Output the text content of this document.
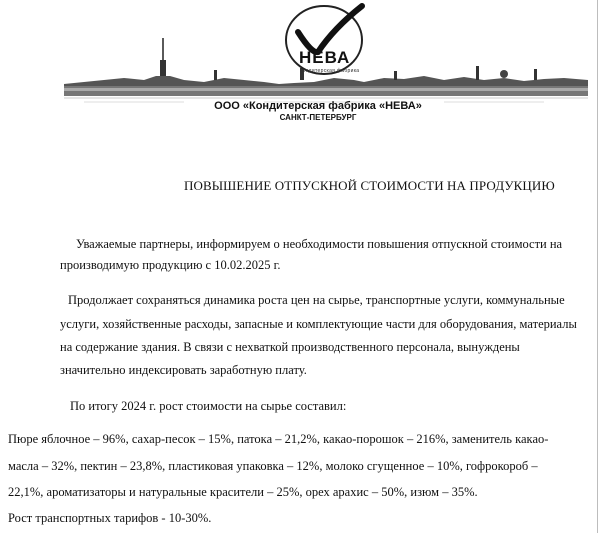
НЕВА
кондитерская фабрика
ООО «Кондитерская фабрика «НЕВА»
САНКТ-ПЕТЕРБУРГ
ПОВЫШЕНИЕ ОТПУСКНОЙ СТОИМОСТИ НА ПРОДУКЦИЮ
Уважаемые партнеры, информируем о необходимости повышения отпускной стоимости на
производимую продукцию с 10.02.2025 г.
Продолжает сохраняться динамика роста цен на сырье, транспортные услуги, коммунальные
услуги, хозяйственные расходы, запасные и комплектующие части для оборудования, материалы
на содержание здания. В связи с нехваткой производственного персонала, вынуждены
значительно индексировать заработную плату.
По итогу 2024 г. рост стоимости на сырье составил:
Пюре яблочное – 96%, сахар-песок – 15%, патока – 21,2%, какао-порошок – 216%, заменитель какао-
масла – 32%, пектин – 23,8%, пластиковая упаковка – 12%, молоко сгущенное – 10%, гофрокороб –
22,1%, ароматизаторы и натуральные красители – 25%, орех арахис – 50%, изюм – 35%.
Рост транспортных тарифов - 10-30%.
